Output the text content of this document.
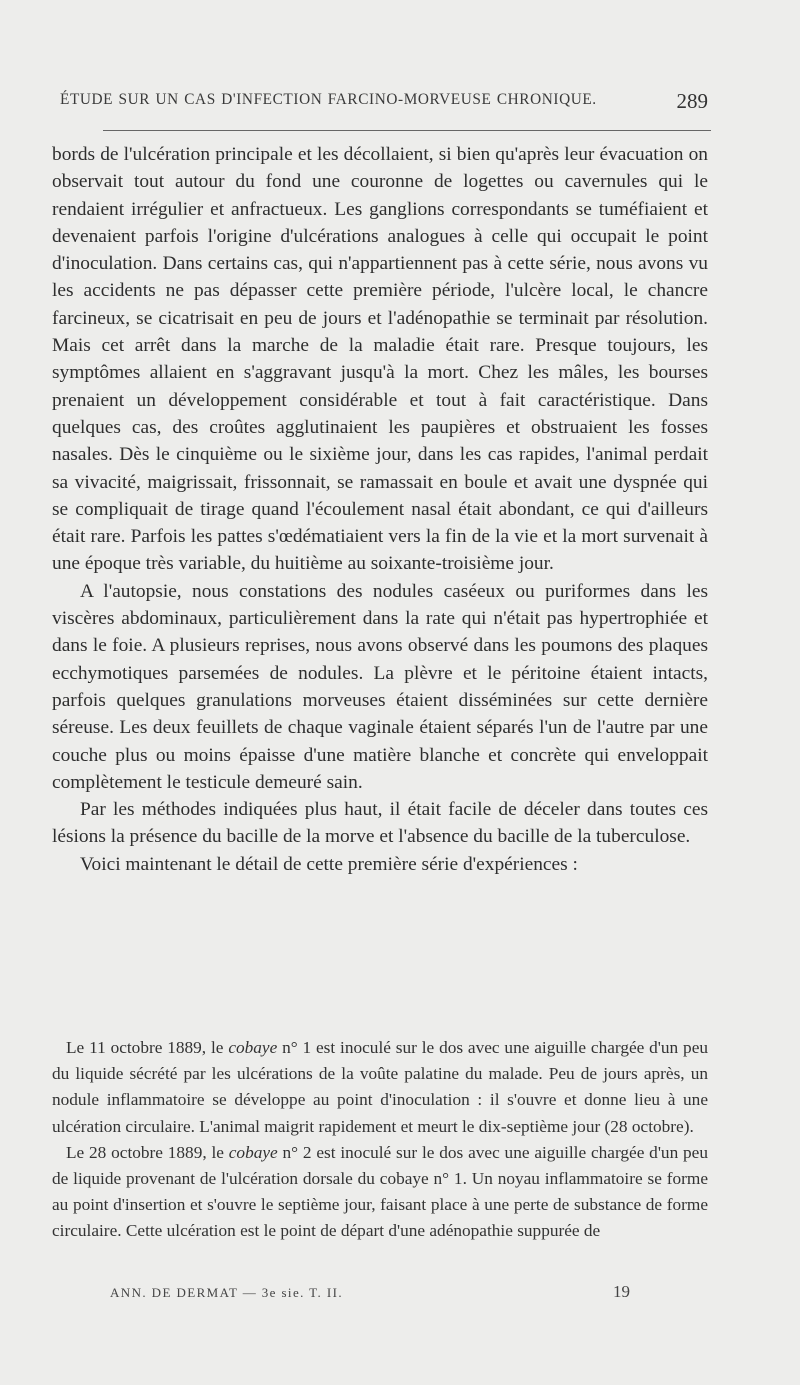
ÉTUDE SUR UN CAS D'INFECTION FARCINO-MORVEUSE CHRONIQUE.	289

bords de l'ulcération principale et les décollaient, si bien qu'après leur évacuation on observait tout autour du fond une couronne de logettes ou cavernules qui le rendaient irrégulier et anfractueux. Les ganglions correspondants se tuméfiaient et devenaient parfois l'origine d'ulcérations analogues à celle qui occupait le point d'inoculation. Dans certains cas, qui n'appartiennent pas à cette série, nous avons vu les accidents ne pas dépasser cette première période, l'ulcère local, le chancre farcineux, se cicatrisait en peu de jours et l'adénopathie se terminait par résolution. Mais cet arrêt dans la marche de la maladie était rare. Presque toujours, les symptômes allaient en s'aggravant jusqu'à la mort. Chez les mâles, les bourses prenaient un développement considérable et tout à fait caractéristique. Dans quelques cas, des croûtes agglutinaient les paupières et obstruaient les fosses nasales. Dès le cinquième ou le sixième jour, dans les cas rapides, l'animal perdait sa vivacité, maigrissait, frissonnait, se ramassait en boule et avait une dyspnée qui se compliquait de tirage quand l'écoulement nasal était abondant, ce qui d'ailleurs était rare. Parfois les pattes s'œdématiaient vers la fin de la vie et la mort survenait à une époque très variable, du huitième au soixante-troisième jour.

A l'autopsie, nous constations des nodules caséeux ou puriformes dans les viscères abdominaux, particulièrement dans la rate qui n'était pas hypertrophiée et dans le foie. A plusieurs reprises, nous avons observé dans les poumons des plaques ecchymotiques parsemées de nodules. La plèvre et le péritoine étaient intacts, parfois quelques granulations morveuses étaient disséminées sur cette dernière séreuse. Les deux feuillets de chaque vaginale étaient séparés l'un de l'autre par une couche plus ou moins épaisse d'une matière blanche et concrète qui enveloppait complètement le testicule demeuré sain.

Par les méthodes indiquées plus haut, il était facile de déceler dans toutes ces lésions la présence du bacille de la morve et l'absence du bacille de la tuberculose.

Voici maintenant le détail de cette première série d'expériences :

Le 11 octobre 1889, le cobaye n° 1 est inoculé sur le dos avec une aiguille chargée d'un peu du liquide sécrété par les ulcérations de la voûte palatine du malade. Peu de jours après, un nodule inflammatoire se développe au point d'inoculation : il s'ouvre et donne lieu à une ulcération circulaire. L'animal maigrit rapidement et meurt le dix-septième jour (28 octobre).

Le 28 octobre 1889, le cobaye n° 2 est inoculé sur le dos avec une aiguille chargée d'un peu de liquide provenant de l'ulcération dorsale du cobaye n° 1. Un noyau inflammatoire se forme au point d'insertion et s'ouvre le septième jour, faisant place à une perte de substance de forme circulaire. Cette ulcération est le point de départ d'une adénopathie suppurée de

ANN. DE DERMAT — 3e sie. T. II.	19
